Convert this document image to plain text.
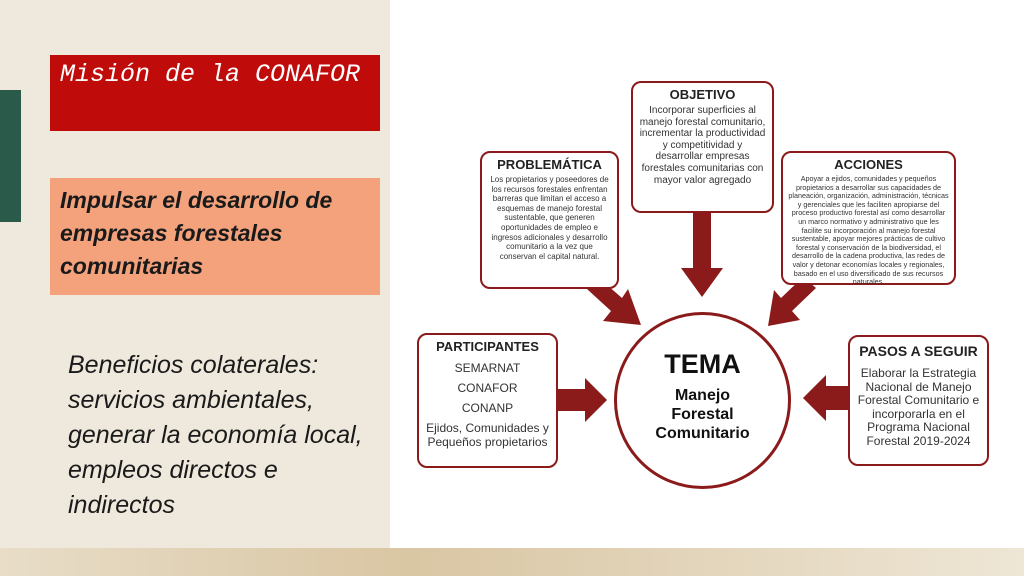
Misión de la CONAFOR
Impulsar el desarrollo de empresas forestales comunitarias
Beneficios colaterales: servicios ambientales, generar la economía local, empleos directos e indirectos
OBJETIVO
Incorporar superficies al manejo forestal comunitario, incrementar la productividad y competitividad y desarrollar empresas forestales comunitarias con mayor valor agregado
PROBLEMÁTICA
Los propietarios y poseedores de los recursos forestales enfrentan barreras que limitan el acceso a esquemas de manejo forestal sustentable, que generen oportunidades de empleo e ingresos adicionales y desarrollo comunitario a la vez que conservan el capital natural.
ACCIONES
Apoyar a ejidos, comunidades y pequeños propietarios a desarrollar sus capacidades de planeación, organización, administración, técnicas y gerenciales que les faciliten apropiarse del proceso productivo forestal así como desarrollar un marco normativo y administrativo que les facilite su incorporación al manejo forestal sustentable, apoyar mejores prácticas de cultivo forestal y conservación de la biodiversidad, el desarrollo de la cadena productiva, las redes de valor y detonar economías locales y regionales, basado en el uso diversificado de sus recursos naturales.
PARTICIPANTES
SEMARNAT
CONAFOR
CONANP
Ejidos, Comunidades y Pequeños propietarios
PASOS A SEGUIR
Elaborar la Estrategia Nacional de Manejo Forestal Comunitario e incorporarla en el Programa Nacional Forestal 2019-2024
TEMA
Manejo Forestal Comunitario
